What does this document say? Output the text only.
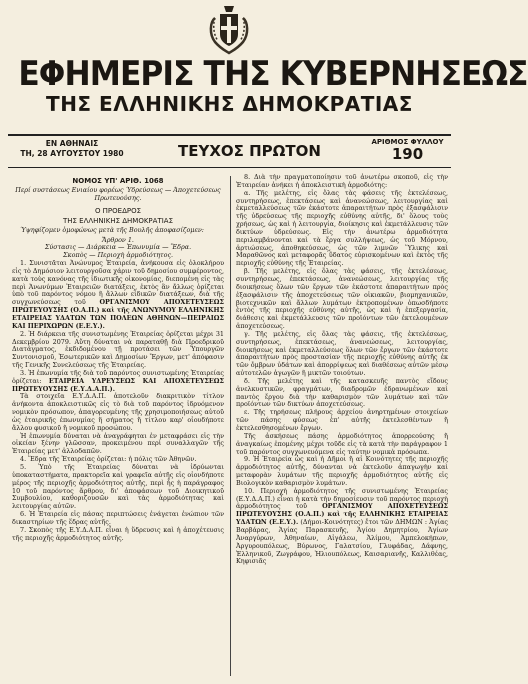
ΕΦΗΜΕΡΙΣ ΤΗΣ ΚΥΒΕΡΝΗΣΕΩΣ
ΤΗΣ ΕΛΛΗΝΙΚΗΣ ΔΗΜΟΚΡΑΤΙΑΣ
ΕΝ ΑΘΗΝΑΙΣ
ΤΗ, 28 ΑΥΓΟΥΣΤΟΥ 1980	ΤΕΥΧΟΣ ΠΡΩΤΟΝ	ΑΡΙΘΜΟΣ ΦΥΛΛΟΥ
190

ΝΟΜΟΣ ΥΠ' ΑΡΙΘ. 1068

Περί συστάσεως Ενιαίου φορέως Ύδρεύσεως — Άποχετεύσεως Πρωτευούσης.

Ο ΠΡΟΕΔΡΟΣ

ΤΗΣ ΕΛΛΗΝΙΚΗΣ ΔΗΜΟΚΡΑΤΙΑΣ

Ύψηφίζομεν ὁμοφώνως μετὰ τῆς Βουλῆς ἀποφασίζομεν:

Ἄρθρον 1.

Σύστασις — Διάρκεια — Ἐπωνυμία — Ἕδρα.

Σκοπὸς — Περιοχὴ ἁρμοδιότητος.

1. Συνιστᾶται Ἀνώνυμος Ἑταιρεία, ἀνήκουσα εἰς ὁλοκλήρου εἰς τὸ Δημόσιον λειτουργοῦσα χάριν τοῦ δημοσίου συμφέροντος, κατὰ τοὺς κανόνας τῆς ἰδιωτικῆς οἰκονομίας, διεπομένη εἰς τὰς περὶ Ἀνωνύμων Ἑταιρειῶν διατάξεις, ἐκτὸς ἂν ἄλλως ὁρίζεται ὑπὸ τοῦ παρόντος νόμου ἢ ἄλλων εἰδικῶν διατάξεων, διὰ τῆς συγχωνεύσεως τοῦ ΟΡΓΑΝΙΣΜΟΥ ΑΠΟΧΕΤΕΥΣΕΩΣ ΠΡΩΤΕΥΟΥΣΗΣ (Ο.Α.Π.) καὶ τῆς ΑΝΩΝΥΜΟΥ ΕΛΛΗΝΙΚΗΣ ΕΤΑΙΡΕΙΑΣ ΥΔΑΤΩΝ ΤΩΝ ΠΟΛΕΩΝ ΑΘΗΝΩΝ—ΠΕΙΡΑΙΩΣ ΚΑΙ ΠΕΡΙΧΩΡΩΝ (Ε.Ε.Υ.).

2. Ἡ διάρκεια τῆς συνιστωμένης Ἑταιρείας ὁρίζεται μέχρι 31 Δεκεμβρίου 2079. Αὕτη δύναται νὰ παραταθῇ διὰ Προεδρικοῦ Διατάγματος, ἐκδιδομένου τῇ προτάσει τῶν Ὑπουργῶν Συντονισμοῦ, Ἐσωτερικῶν καὶ Δημοσίων Ἔργων, μετ' ἀπόφασιν τῆς Γενικῆς Συνελεύσεως τῆς Ἑταιρείας.

3. Ἡ ἐπωνυμία τῆς διὰ τοῦ παρόντος συνιστωμένης Ἑταιρείας ὁρίζεται: ΕΤΑΙΡΕΙΑ ΥΔΡΕΥΣΕΩΣ ΚΑΙ ΑΠΟΧΕΤΕΥΣΕΩΣ ΠΡΩΤΕΥΟΥΣΗΣ (Ε.Υ.Δ.Α.Π.).

Τὰ στοιχεῖα Ε.Υ.Δ.Α.Π. ἀποτελοῦν διακριτικὸν τίτλον ἀνήκοντα ἀποκλειστικῶς εἰς τὸ διὰ τοῦ παρόντος ἱδρυόμενον νομικὸν πρόσωπον, ἀπαγορευμένης τῆς χρησιμοποιήσεως αὐτοῦ ὡς ἐταιρικῆς ἐπωνυμίας ἢ σήματος ἢ τίτλου καρ' οἰουδήποτε ἄλλου φυσικοῦ ἢ νομικοῦ προσώπου.

Ἡ ἐπωνυμία δύναται νὰ ἀναγράφηται ἐν μεταφράσει εἰς τὴν οἰκείαν ξένην γλῶσσαν, προκειμένου περὶ συναλλαγῶν τῆς Ἑταιρείας μετ' ἀλλοδαπῶν.

4. Ἕδρα τῆς Ἑταιρείας ὁρίζεται: ἡ πόλις τῶν Ἀθηνῶν.

5. Ὑπὸ τῆς Ἑταιρείας δύναται νὰ ἱδρύωνται ὑποκαταστήματα, πρακτορεῖα καὶ γραφεῖα αὐτῆς εἰς οἱονδήποτε μέρος τῆς περιοχῆς ἁρμοδιότητος αὐτῆς, περὶ ἧς ἡ παράγραφος 10 τοῦ παρόντος ἄρθρου, δι' ἀποφάσεων τοῦ Διοικητικοῦ Συμβουλίου, καθοριζουσῶν καὶ τὰς ἁρμοδιότητας καὶ λειτουργίας αὐτῶν.

6. Ἡ Ἑταιρεία εἰς πάσας περιπτώσεις ἐνάγεται ἐνώπιον τῶν δικαστηρίων τῆς ἕδρας αὐτῆς.

7. Σκοπὸς τῆς Ε.Υ.Δ.Α.Π. εἶναι ἡ ὕδρευσις καὶ ἡ ἀποχέτευσις τῆς περιοχῆς ἁρμοδιότητος αὐτῆς.

8. Διὰ τὴν πραγματοποίησιν τοῦ ἀνωτέρω σκοποῦ, εἰς τὴν Ἑταιρείαν ἀνήκει ἡ ἀποκλειστικὴ ἁρμοδιότης:

α. Τῆς μελέτης, εἰς ὅλας τὰς φάσεις τῆς ἐκτελέσεως, συντηρήσεως, ἐπεκτάσεως καὶ ἀνανεώσεως, λειτουργίας καὶ ἐκμεταλλεύσεως τῶν ἑκάστοτε ἀπαραιτήτων πρὸς ἐξασφάλισιν τῆς ὑδρεύσεως τῆς περιοχῆς εὐθύνης αὐτῆς, δι' ὅλους τοὺς χρήσεως, ὡς καὶ ἡ λειτουργία, διοίκησις καὶ ἐκμετάλλευσις τῶν δικτύων ὑδρεύσεως. Εἰς τὴν ἀνωτέρω ἁρμοδιότητα περιλαμβάνονται καὶ τὰ ἔργα συλλήψεως, ὡς τοῦ Μόρνου, ἀρτιώσεως, ἀποθηκεύσεως, ὡς τῶν λιμνῶν Ὕλικης καὶ Μαραθῶνος καὶ μεταφορᾶς ὕδατος εὑρισκομένων καὶ ἐκτὸς τῆς περιοχῆς εὐθύνης τῆς Ἑταιρείας.

β. Τῆς μελέτης, εἰς ὅλας τὰς φάσεις, τῆς ἐκτελέσεως, συντηρήσεως, ἐπεκτάσεως, ἀνανεώσεως, λειτουργίας τῆς διοικήσεως ὅλων τῶν ἔργων τῶν ἑκάστοτε ἀπαραιτήτων πρὸς ἐξασφάλισιν τῆς ἀποχετεύσεως τῶν οἰκιακῶν, βιομηχανικῶν, βιοτεχνικῶν καὶ ἄλλων λυμάτων ἐκτροπομένων ὁπωσδήποτε ἐντὸς τῆς περιοχῆς εὐθύνης αὐτῆς, ὡς καὶ ἡ ἐπεξεργασία, διάθεσις καὶ ἐκμετάλλευσις τῶν προϊόντων τῶν ἐκτελουμένων ἀποχετεύσεως.

γ. Τῆς μελέτης, εἰς ὅλας τὰς φάσεις, τῆς ἐκτελέσεως, συντηρήσεως, ἐπεκτάσεως, ἀνανεώσεως, λειτουργίας, διοικήσεως καὶ ἐκμεταλλεύσεως ὅλων τῶν ἔργων τῶν ἑκάστοτε ἀπαραιτήτων πρὸς προστασίαν τῆς περιοχῆς εὐθύνης αὐτῆς ἐκ τῶν ὄμβρων ὑδάτων καὶ ἀπορρίψεως καὶ διαθέσεως αὐτῶν μέσῳ αὐτοτελῶν ἀγωγῶν ἢ μικτῶν τοιούτων.

δ. Τῆς μελέτης καὶ τῆς κατασκευῆς παντὸς εἴδους ἀνελκυστικῶν, φραγμάτων, διαδρομῶν ἐδρανωμένων καὶ παντὸς ἔργου διὰ τὴν καθαρισμὸν τῶν λυμάτων καὶ τῶν προϊόντων τῶν δικτύων ἀποχετεύσεως.

ε. Τῆς τηρήσεως πλήρους ἀρχείου ἀνηρτημένων στοιχείων τῶν πάσης φύσεως ἐπ' αὐτῆς ἐκτελεσθέντων ἢ ἐκτελεσθησομένων ἔργων.

Τῆς ἀσκήσεως πάσης ἁρμοδιότητος ἀπορρεούσης ἢ ἀναγκαίως ἐπομένης μέχρι τοῦδε εἰς τὰ κατὰ τὴν παράγραφον 1 τοῦ παρόντος συγχωνευόμενα εἰς ταύτην νομικὰ πρόσωπα.

9. Ἡ Ἑταιρεία ὡς καὶ ἡ Δῆμοι ἢ αἱ Κοινότητες τῆς περιοχῆς ἁρμοδιότητος αὐτῆς, δύνανται νὰ ἐκτελοῦν ἀπαγωγὴν καὶ μεταφορὰν λυμάτων τῆς περιοχῆς ἁρμοδιότητος αὐτῆς εἰς Βιολογικὸν καθαρισμὸν λυμάτων.

10. Περιοχὴ ἁρμοδιότητος τῆς συνιστωμένης Ἑταιρείας (Ε.Υ.Δ.Α.Π.) εἶναι ἡ κατὰ τὴν δημοσίευσιν τοῦ παρόντος περιοχὴ ἁρμοδιότητος τοῦ ΟΡΓΑΝΙΣΜΟΥ ΑΠΟΧΕΤΕΥΣΕΩΣ ΠΡΩΤΕΥΟΥΣΗΣ (Ο.Α.Π.) καὶ τῆς ΕΛΛΗΝΙΚΗΣ ΕΤΑΙΡΕΙΑΣ ΥΔΑΤΩΝ (Ε.Ε.Υ.). (Δήμοι-Κοινότητες) ἔτοι τῶν ΔΗΜΩΝ : Ἁγίας Βαρβάρας, Ἁγίας Παρασκευῆς, Ἁγίου Δημητρίου, Ἁγίων Ἀναργύρων, Ἀθηναίων, Αἰγάλεω, Ἀλίμου, Ἀμπελοκήπων, Ἀργυρουπόλεως, Βύρωνος, Γαλατσίου, Γλυφάδας, Δάφνης, Ἑλληνικοῦ, Ζωγράφου, Ἡλιουπόλεως, Καισαριανῆς, Καλλιθέας, Κηφισιᾶς
